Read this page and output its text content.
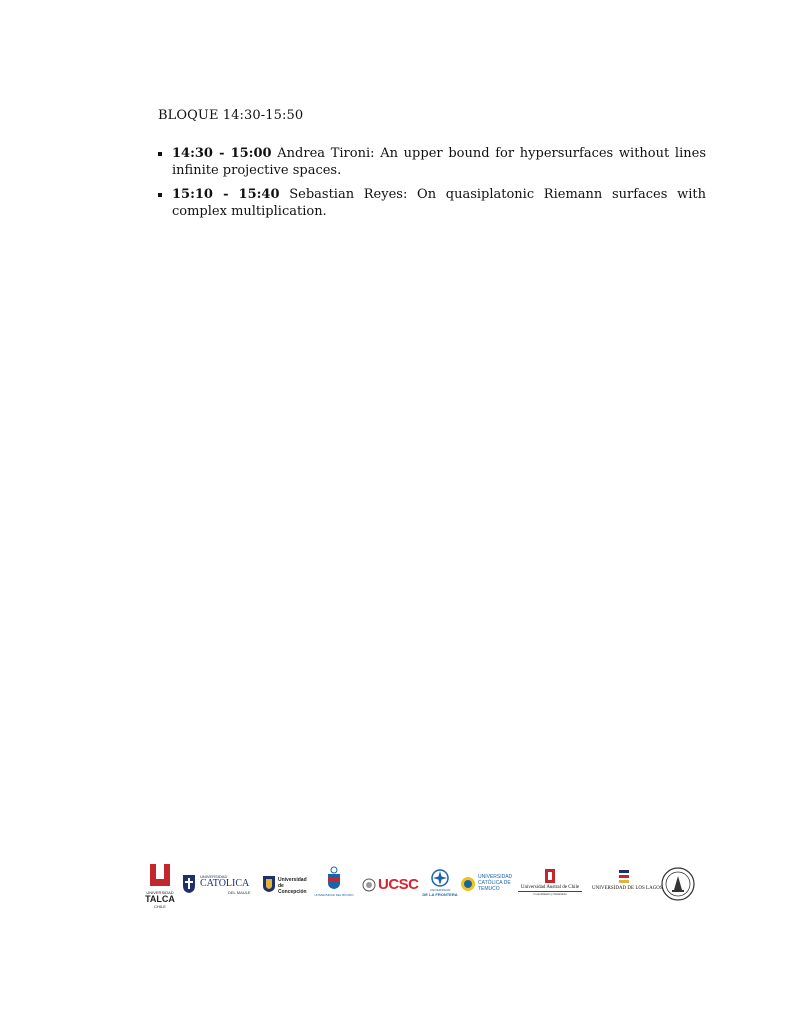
BLOQUE 14:30-15:50
14:30 - 15:00 Andrea Tironi: An upper bound for hypersurfaces without lines infinite projective spaces.
15:10 - 15:40 Sebastian Reyes: On quasiplatonic Riemann surfaces with complex multiplication.
UNIVERSIDAD
TALCA
CHILE
UNIVERSIDAD
CATOLICA
DEL MAULE
Universidad
de Concepción	UNIVERSIDAD DEL BÍO-BÍO
UCSC	UNIVERSIDAD
DE LA FRONTERA
UNIVERSIDAD
CATÓLICA DE
TEMUCO	Universidad Austral de Chile
Conocimiento y Naturaleza
UNIVERSIDAD DE LOS LAGOS
